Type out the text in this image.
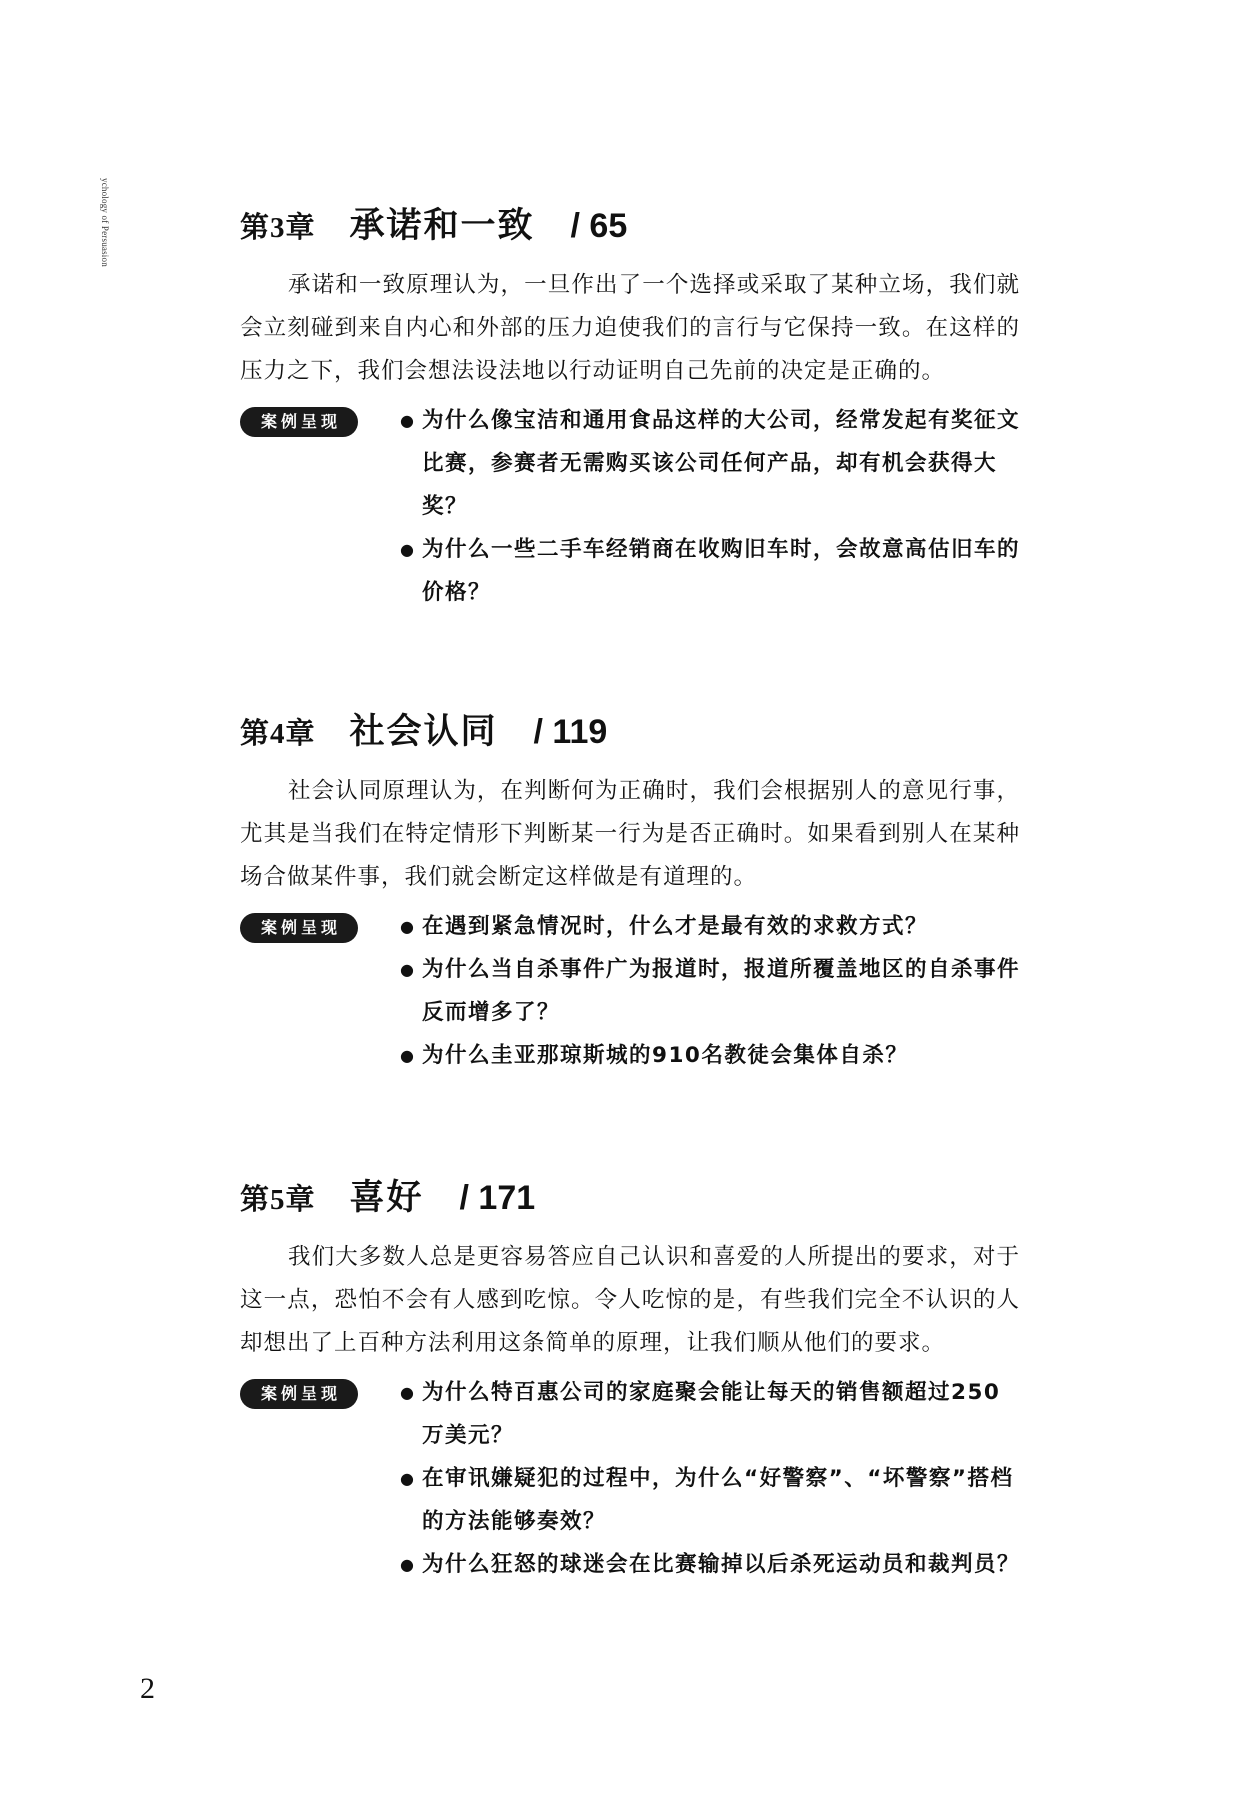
ychology of Persuasion	第3章 承诺和一致 / 65

承诺和一致原理认为，一旦作出了一个选择或采取了某种立场，我们就会立刻碰到来自内心和外部的压力迫使我们的言行与它保持一致。在这样的压力之下，我们会想法设法地以行动证明自己先前的决定是正确的。

案例呈现	● 为什么像宝洁和通用食品这样的大公司，经常发起有奖征文比赛，参赛者无需购买该公司任何产品，却有机会获得大奖？
● 为什么一些二手车经销商在收购旧车时，会故意高估旧车的价格？
第4章 社会认同 / 119

社会认同原理认为，在判断何为正确时，我们会根据别人的意见行事，尤其是当我们在特定情形下判断某一行为是否正确时。如果看到别人在某种场合做某件事，我们就会断定这样做是有道理的。

案例呈现	● 在遇到紧急情况时，什么才是最有效的求救方式？
● 为什么当自杀事件广为报道时，报道所覆盖地区的自杀事件反而增多了？
● 为什么圭亚那琼斯城的910名教徒会集体自杀？
第5章 喜好 / 171

我们大多数人总是更容易答应自己认识和喜爱的人所提出的要求，对于这一点，恐怕不会有人感到吃惊。令人吃惊的是，有些我们完全不认识的人却想出了上百种方法利用这条简单的原理，让我们顺从他们的要求。

案例呈现	● 为什么特百惠公司的家庭聚会能让每天的销售额超过250万美元？
● 在审讯嫌疑犯的过程中，为什么“好警察”、“坏警察”搭档的方法能够奏效？
● 为什么狂怒的球迷会在比赛输掉以后杀死运动员和裁判员？
2
